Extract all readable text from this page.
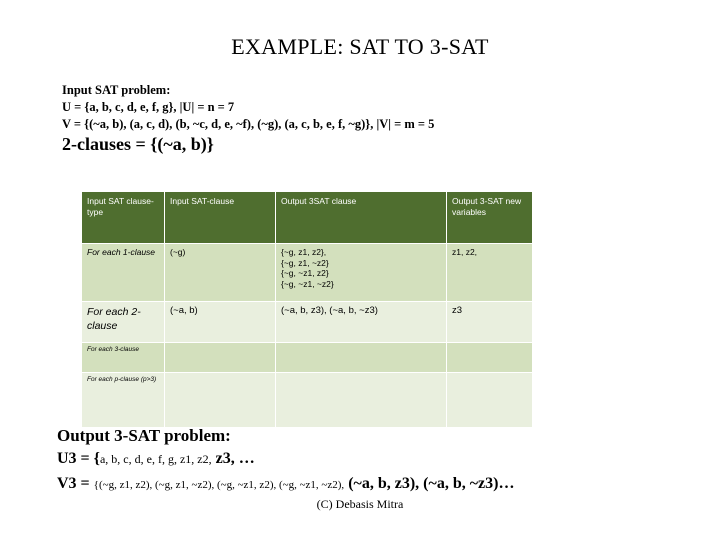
EXAMPLE: SAT TO 3-SAT
Input SAT problem:
U = {a, b, c, d, e, f, g}, |U| = n = 7
V = {(~a, b), (a, c, d), (b, ~c, d, e, ~f), (~g), (a, c, b, e, f, ~g)}, |V| = m = 5
2-clauses = {(~a, b)}
Input SAT clause-type	Input SAT-clause	Output 3SAT clause	Output 3-SAT new variables
For each 1-clause	(~g)	{~g, z1, z2},
{~g, z1, ~z2}
{~g, ~z1, z2}
{~g, ~z1, ~z2}	z1, z2,
For each 2-clause	(~a, b)	(~a, b, z3), (~a, b, ~z3)	z3
For each 3-clause			
For each p-clause (p>3)			
Output 3-SAT problem:
U3 = {a, b, c, d, e, f, g, z1, z2, z3, …
V3 = {(~g, z1, z2), (~g, z1, ~z2), (~g, ~z1, z2), (~g, ~z1, ~z2), (~a, b, z3), (~a, b, ~z3)…
(C) Debasis Mitra
